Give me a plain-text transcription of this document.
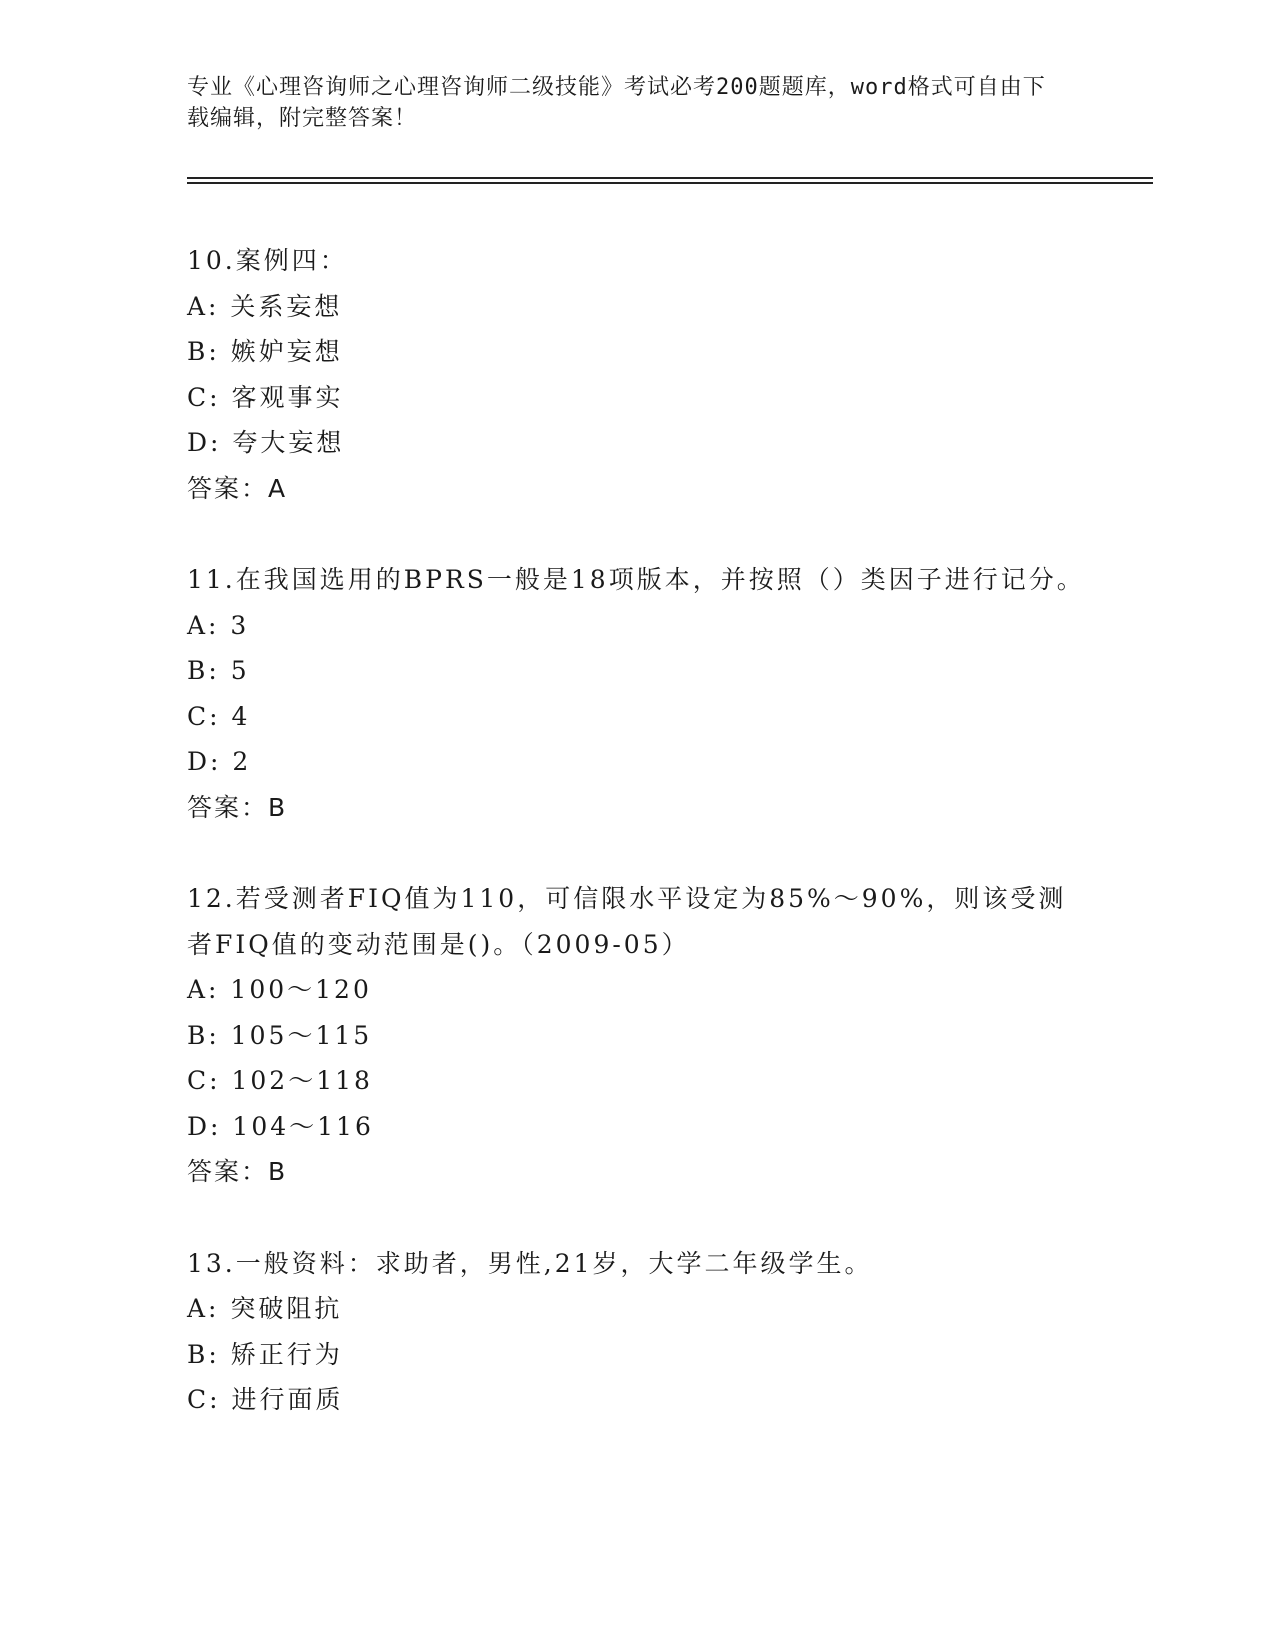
专业《心理咨询师之心理咨询师二级技能》考试必考200题题库，word格式可自由下载编辑，附完整答案！
10.案例四：
A: 关系妄想
B: 嫉妒妄想
C: 客观事实
D: 夸大妄想
答案：A
11.在我国选用的BPRS一般是18项版本，并按照（）类因子进行记分。
A: 3
B: 5
C: 4
D: 2
答案：B
12.若受测者FIQ值为110，可信限水平设定为85%～90%，则该受测者FIQ值的变动范围是()。（2009-05）
A: 100～120
B: 105～115
C: 102～118
D: 104～116
答案：B
13.一般资料：求助者，男性,21岁，大学二年级学生。
A: 突破阻抗
B: 矫正行为
C: 进行面质
